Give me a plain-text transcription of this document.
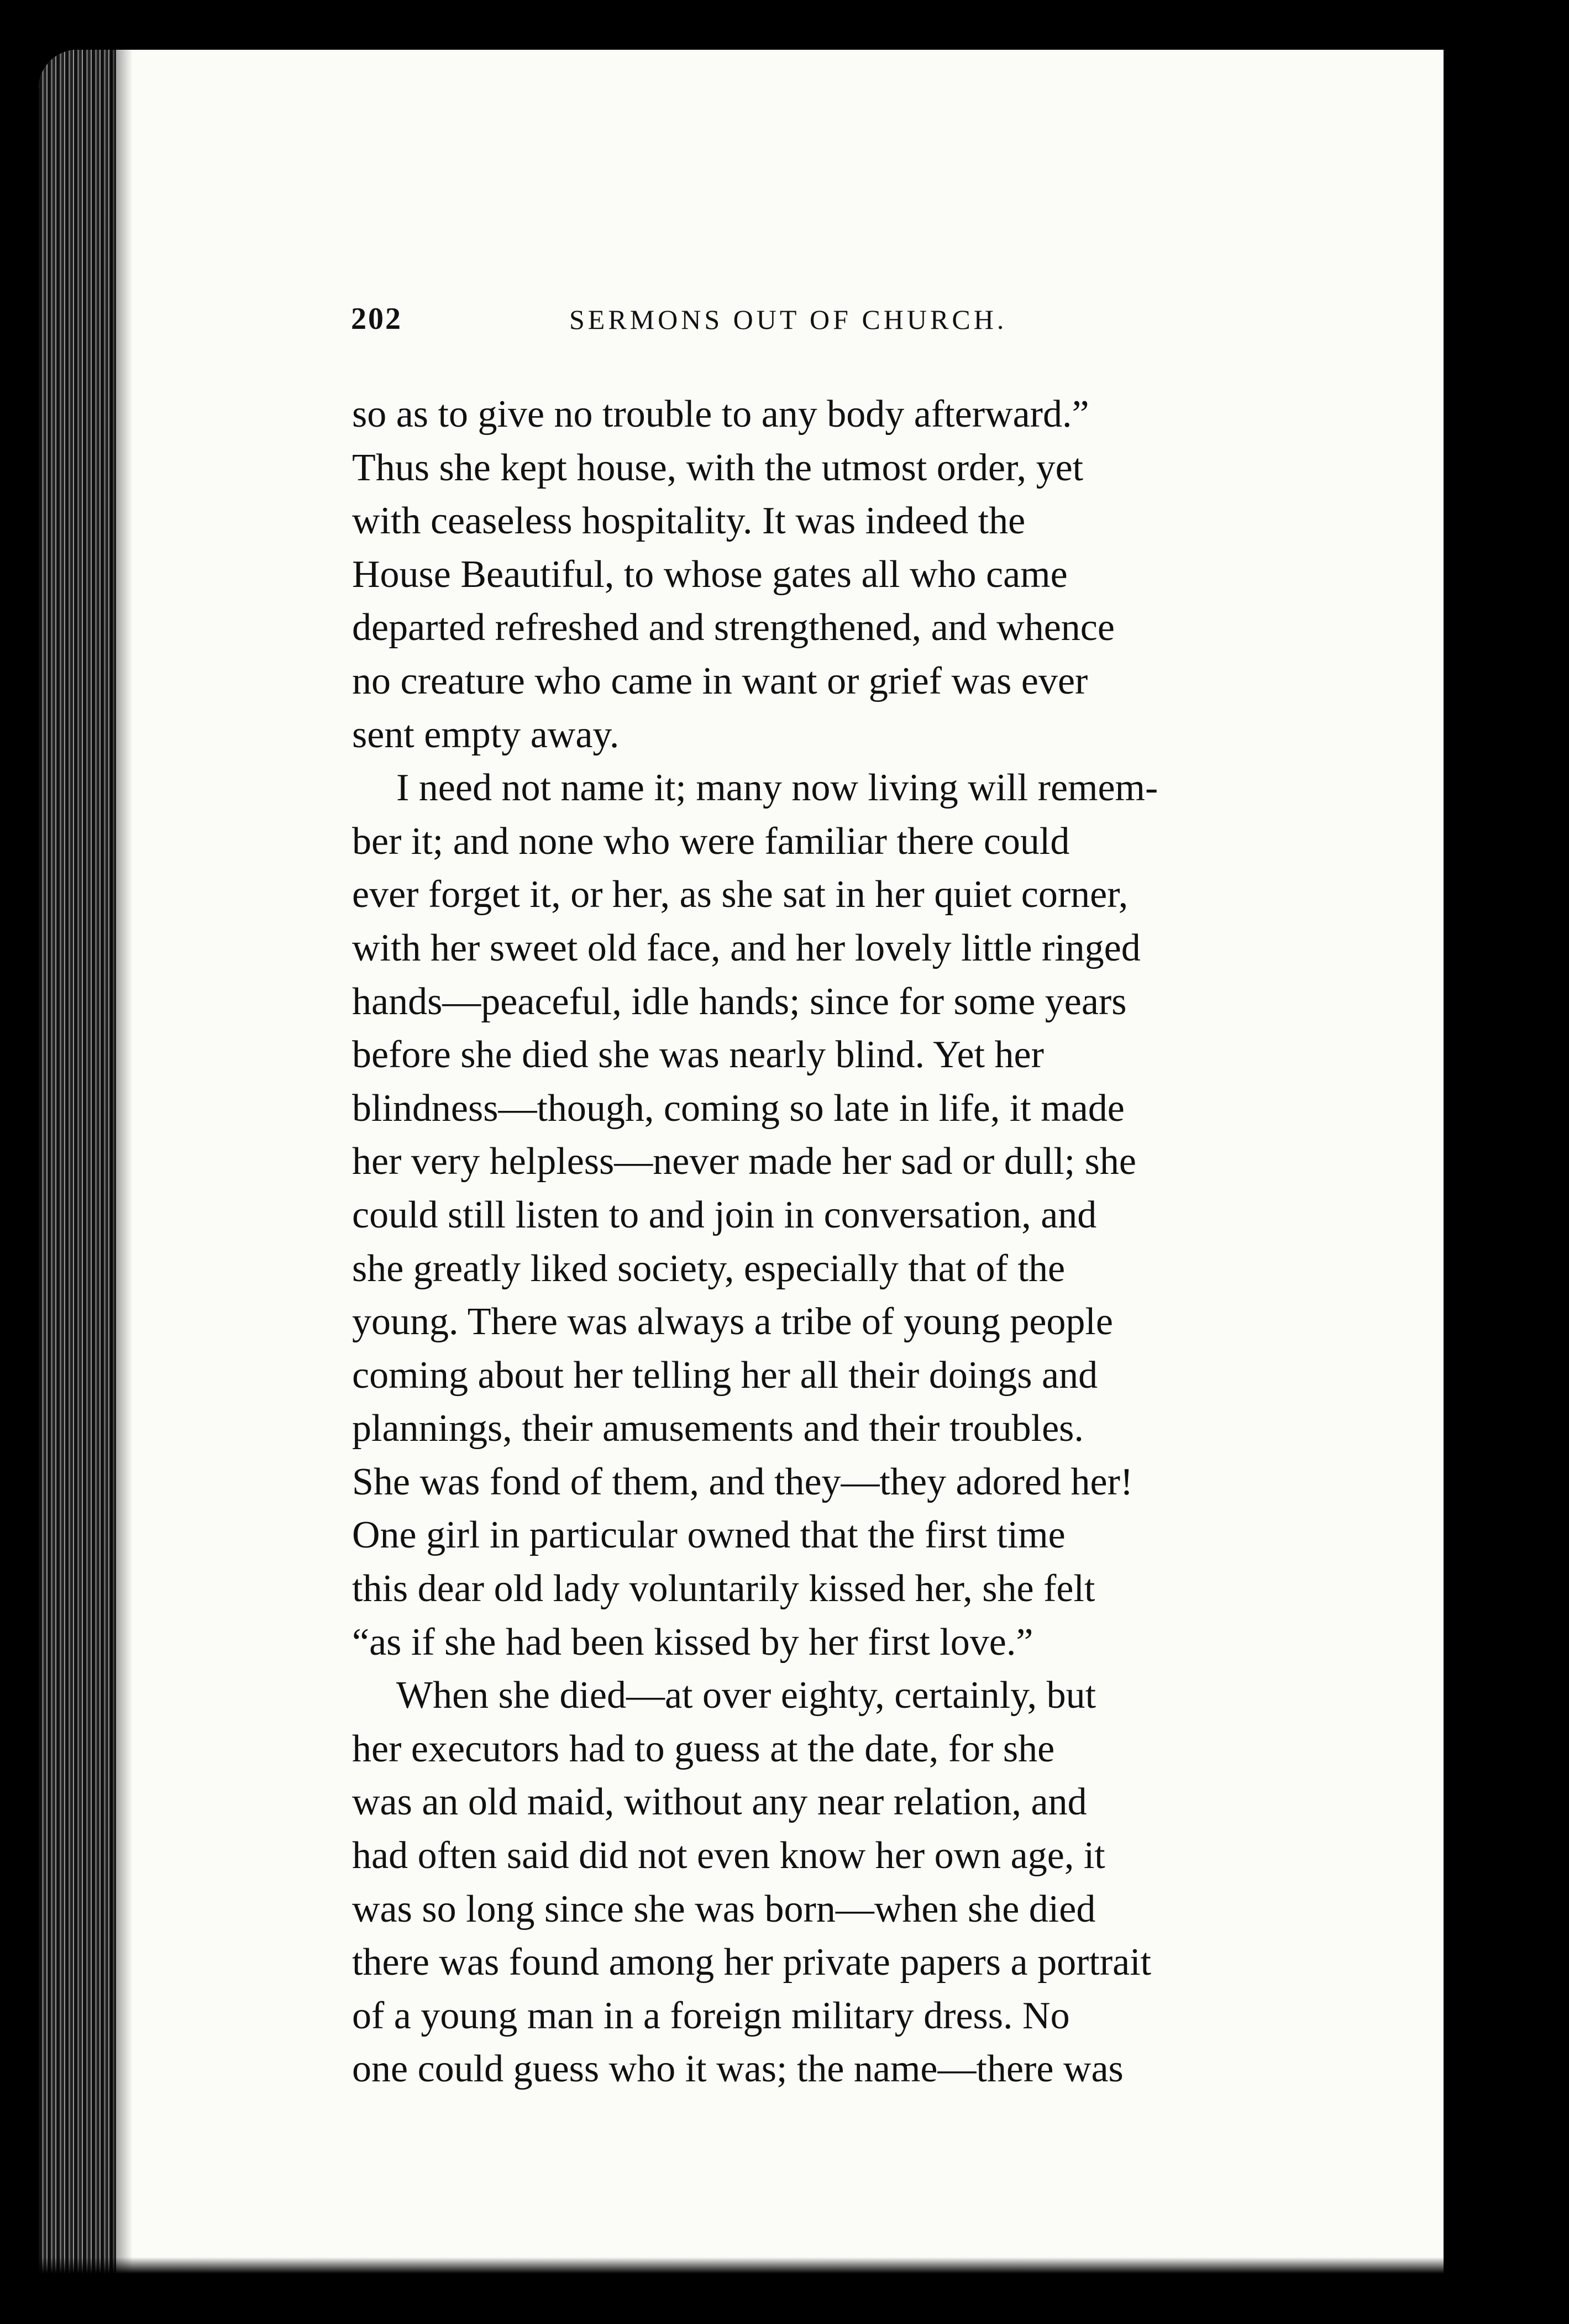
202	SERMONS OUT OF CHURCH.
so as to give no trouble to any body afterward.”
Thus she kept house, with the utmost order, yet
with ceaseless hospitality. It was indeed the
House Beautiful, to whose gates all who came
departed refreshed and strengthened, and whence
no creature who came in want or grief was ever
sent empty away.
I need not name it; many now living will remem-
ber it; and none who were familiar there could
ever forget it, or her, as she sat in her quiet corner,
with her sweet old face, and her lovely little ringed
hands—peaceful, idle hands; since for some years
before she died she was nearly blind. Yet her
blindness—though, coming so late in life, it made
her very helpless—never made her sad or dull; she
could still listen to and join in conversation, and
she greatly liked society, especially that of the
young. There was always a tribe of young people
coming about her telling her all their doings and
plannings, their amusements and their troubles.
She was fond of them, and they—they adored her!
One girl in particular owned that the first time
this dear old lady voluntarily kissed her, she felt
“as if she had been kissed by her first love.”
When she died—at over eighty, certainly, but
her executors had to guess at the date, for she
was an old maid, without any near relation, and
had often said did not even know her own age, it
was so long since she was born—when she died
there was found among her private papers a portrait
of a young man in a foreign military dress. No
one could guess who it was; the name—there was
